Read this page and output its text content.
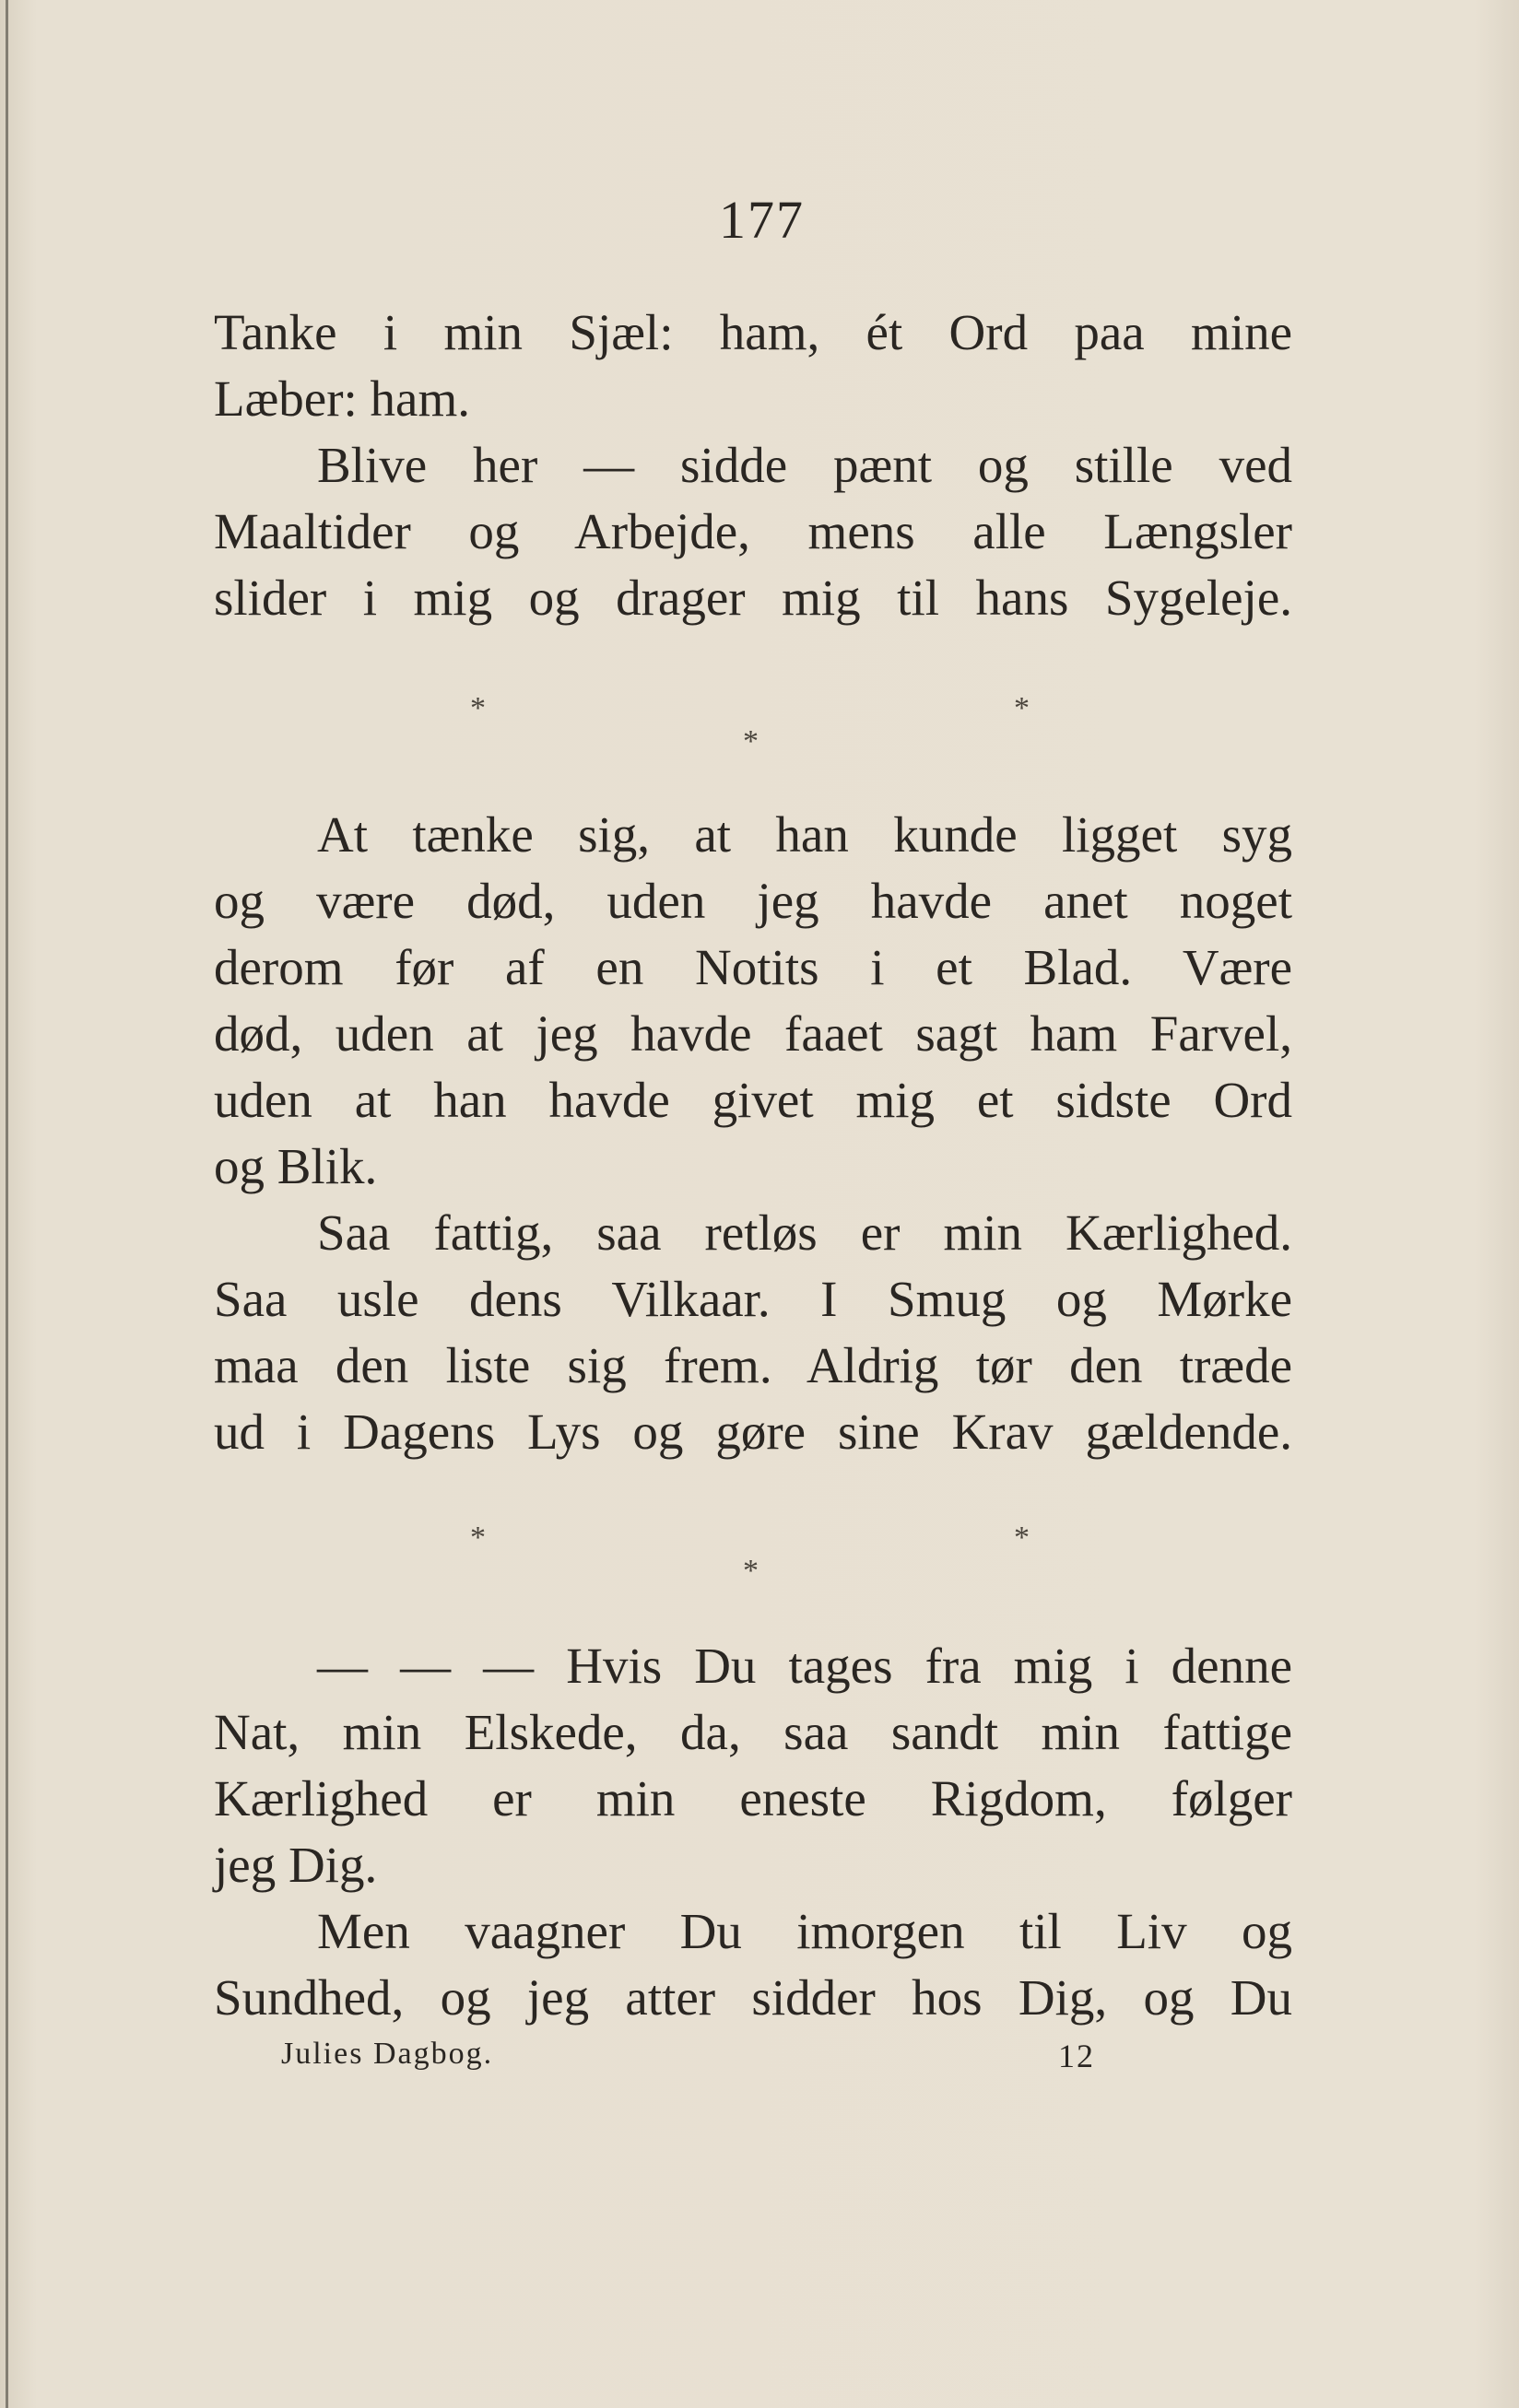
177
Tanke i min Sjæl: ham, ét Ord paa mine
Læber: ham.
Blive her — sidde pænt og stille ved
Maaltider og Arbejde, mens alle Længsler
slider i mig og drager mig til hans Sygeleje.
*	*
*
At tænke sig, at han kunde ligget syg
og være død, uden jeg havde anet noget
derom før af en Notits i et Blad. Være
død, uden at jeg havde faaet sagt ham Farvel,
uden at han havde givet mig et sidste Ord
og Blik.
Saa fattig, saa retløs er min Kærlighed.
Saa usle dens Vilkaar. I Smug og Mørke
maa den liste sig frem. Aldrig tør den træde
ud i Dagens Lys og gøre sine Krav gældende.
*	*
*
— — — Hvis Du tages fra mig i denne
Nat, min Elskede, da, saa sandt min fattige
Kærlighed er min eneste Rigdom, følger
jeg Dig.
Men vaagner Du imorgen til Liv og
Sundhed, og jeg atter sidder hos Dig, og Du
Julies Dagbog.	12
